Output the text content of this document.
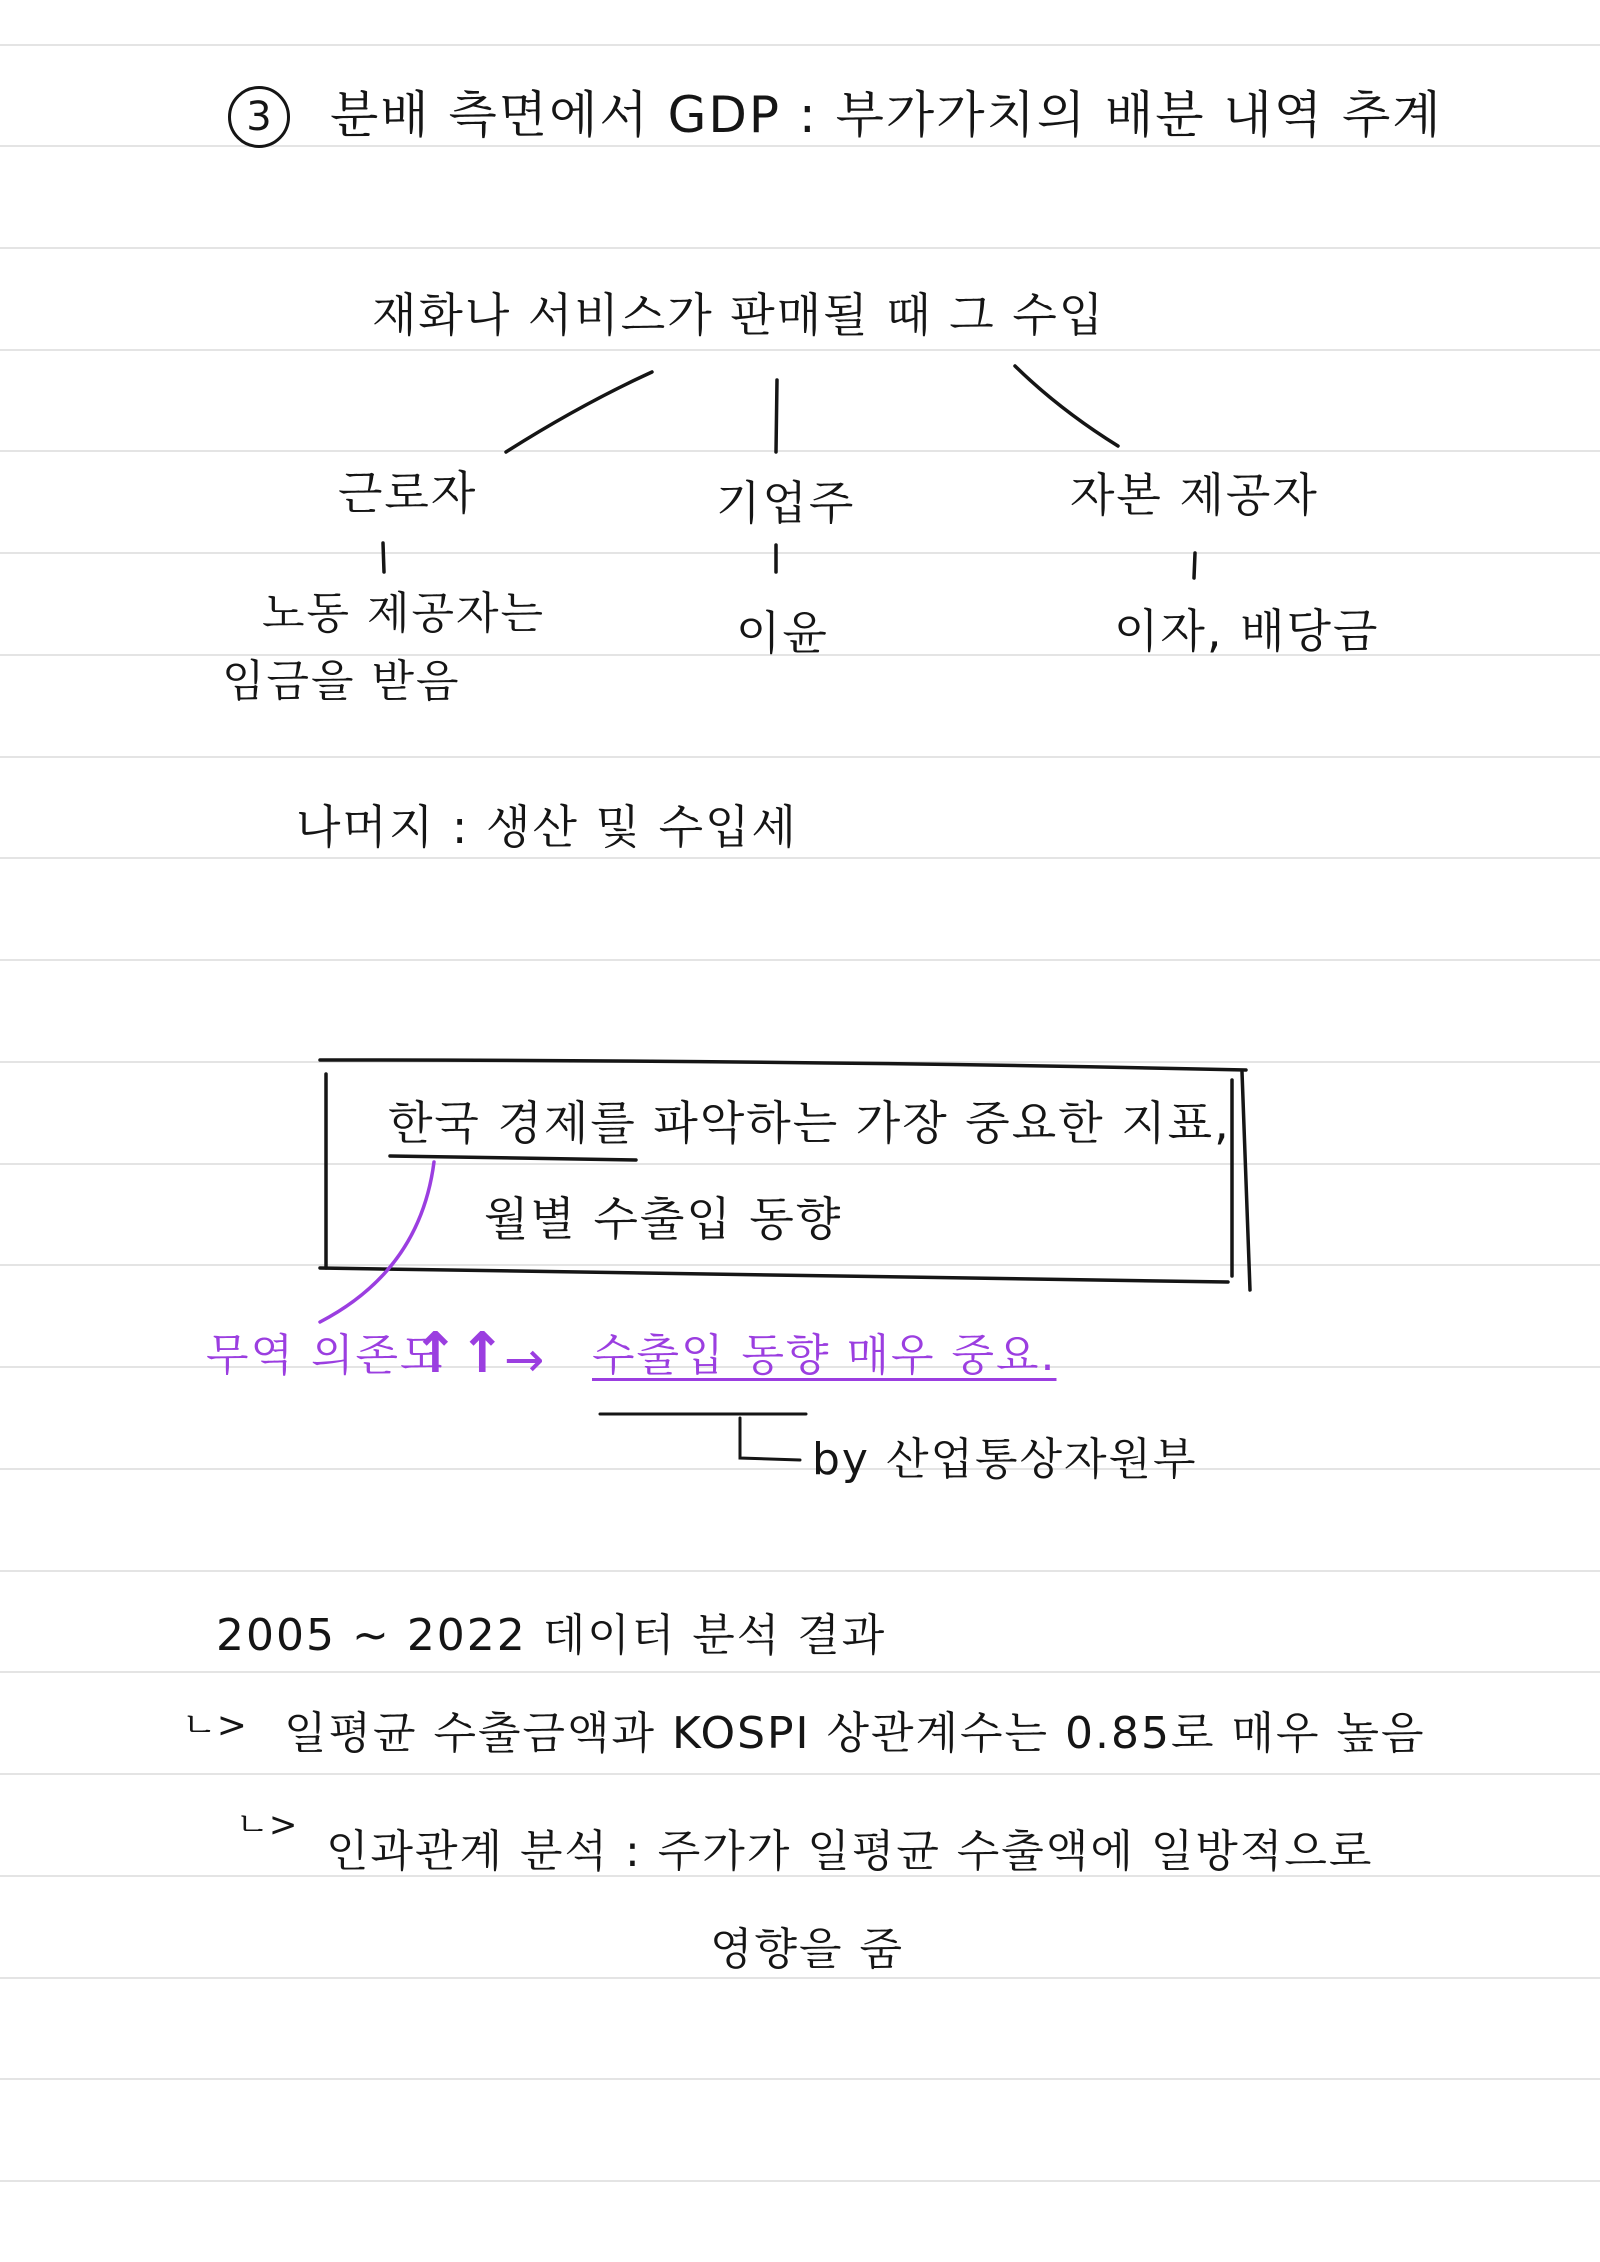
3	분배 측면에서 GDP : 부가가치의 배분 내역 추계

재화나 서비스가 판매될 때 그 수입

근로자	기업주	자본 제공자

노동 제공자는

임금을 받음

이윤	이자, 배당금

나머지 : 생산 및 수입세

한국 경제를 파악하는 가장 중요한 지표,

월별 수출입 동향

무역 의존도

↑↑

→ 수출입 동향 매우 중요.

by 산업통상자원부

2005 ~ 2022 데이터 분석 결과

ㄴ> 일평균 수출금액과 KOSPI 상관계수는 0.85로 매우 높음

ㄴ>

인과관계 분석 : 주가가 일평균 수출액에 일방적으로

영향을 줌
